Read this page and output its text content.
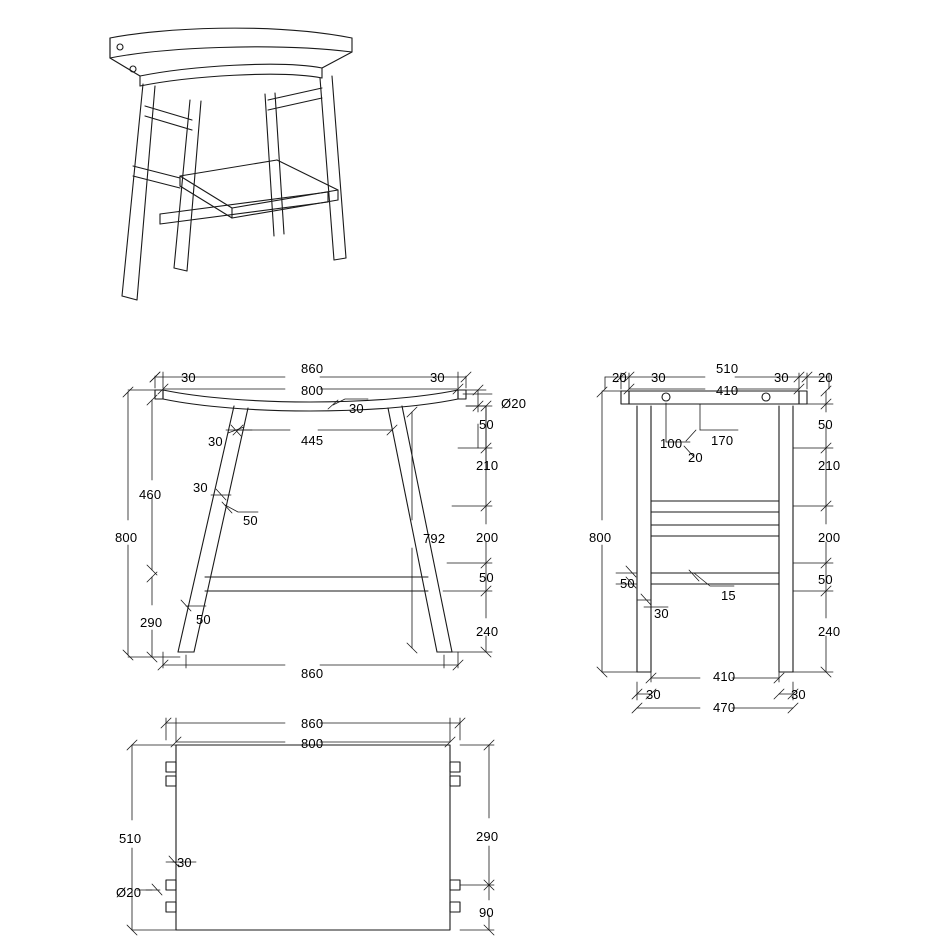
30
860
30
800
30	Ø20
50
30	445
210
30
460
50
800	792 200
50
290	50
240
860
20 30
510
30 20
410
50
100 170
20
210
800	200
50
15
50
30
240
410
30	30
470
860
800
510	290
30
Ø20
90
